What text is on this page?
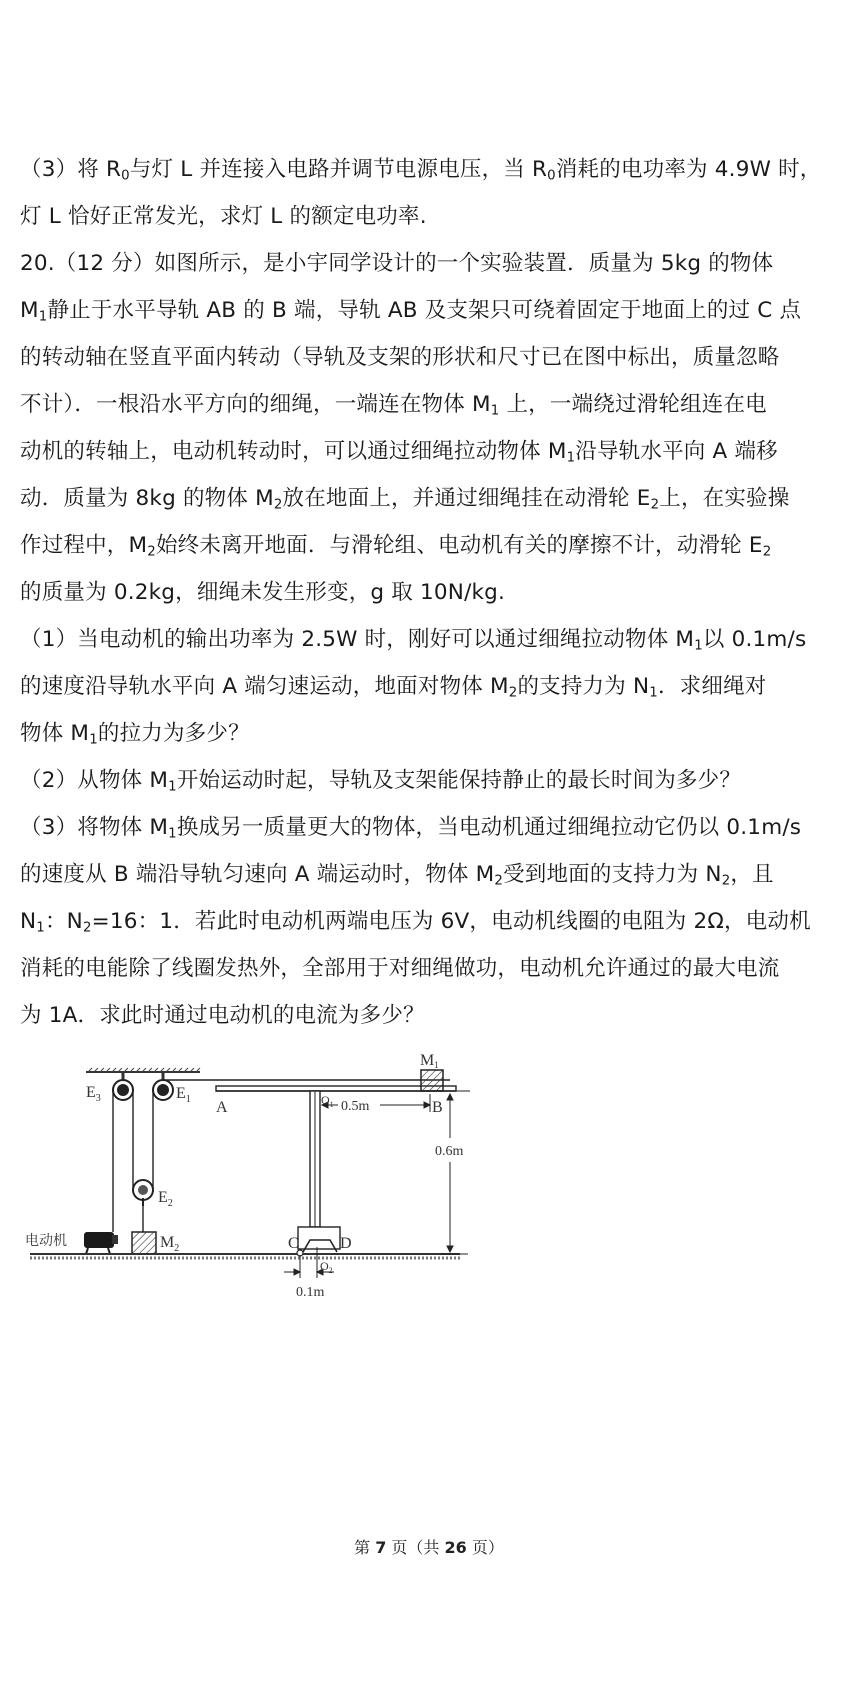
（3）将 $R_0$与灯 L 并连接入电路并调节电源电压，当 $R_0$消耗的电功率为 4.9W 时，
灯 L 恰好正常发光，求灯 L 的额定电功率.
20.（12 分）如图所示，是小宇同学设计的一个实验装置．质量为 5kg 的物体
$M_1$静止于水平导轨 AB 的 B 端，导轨 AB 及支架只可绕着固定于地面上的过 C 点
的转动轴在竖直平面内转动（导轨及支架的形状和尺寸已在图中标出，质量忽略
不计）．一根沿水平方向的细绳，一端连在物体 $M_1$ 上，一端绕过滑轮组连在电
动机的转轴上，电动机转动时，可以通过细绳拉动物体 $M_1$沿导轨水平向 A 端移
动．质量为 8kg 的物体 $M_2$放在地面上，并通过细绳挂在动滑轮 $E_2$上，在实验操
作过程中，$M_2$始终未离开地面．与滑轮组、电动机有关的摩擦不计，动滑轮 $E_2$
的质量为 0.2kg，细绳未发生形变，g 取 10N/kg.
（1）当电动机的输出功率为 2.5W 时，刚好可以通过细绳拉动物体 $M_1$以 0.1m/s
的速度沿导轨水平向 A 端匀速运动，地面对物体 $M_2$的支持力为 $N_1$．求细绳对
物体 $M_1$的拉力为多少？
（2）从物体 $M_1$开始运动时起，导轨及支架能保持静止的最长时间为多少？
（3）将物体 $M_1$换成另一质量更大的物体，当电动机通过细绳拉动它仍以 0.1m/s
的速度从 B 端沿导轨匀速向 A 端运动时，物体 $M_2$受到地面的支持力为 $N_2$，且
$N_1$：$N_2=16$：1．若此时电动机两端电压为 6V，电动机线圈的电阻为 2Ω，电动机
消耗的电能除了线圈发热外，全部用于对细绳做功，电动机允许通过的最大电流
为 1A．求此时通过电动机的电流为多少？
$E_3$	$E_1$
$E_2$
$M_2$
M1
A	B
C	D
$O_1$
$O_2$
0.5m
0.6m
0.1m
电动机
第 7 页（共 26 页）
